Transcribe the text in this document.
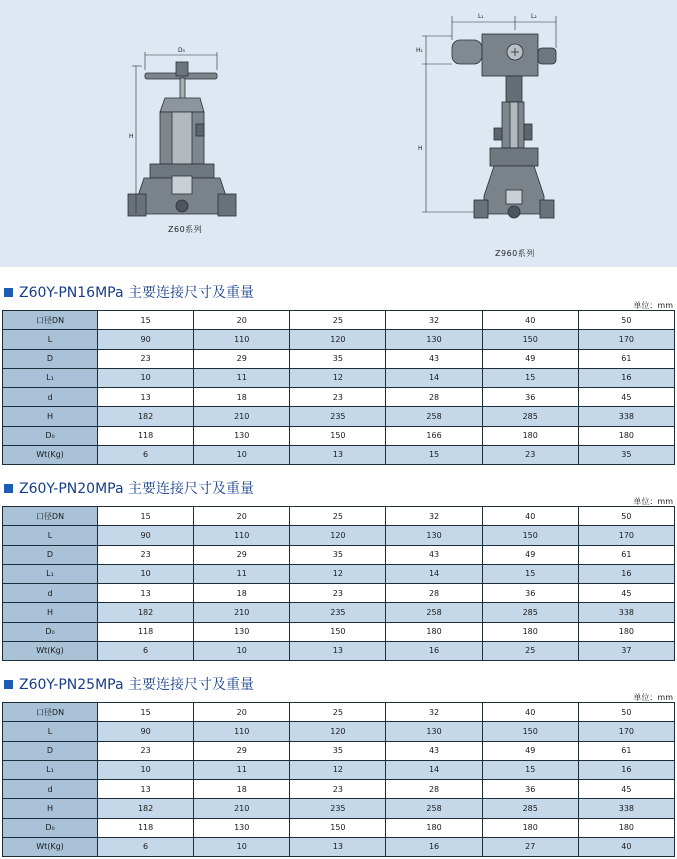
D₀
H
L₁	L₂
H₁
H
Z60系列
Z960系列
Z60Y-PN16MPa 主要连接尺寸及重量
单位：mm
口径DN	15	20	25	32	40	50
L	90	110	120	130	150	170
D	23	29	35	43	49	61
L₁	10	11	12	14	15	16
d	13	18	23	28	36	45
H	182	210	235	258	285	338
D₀	118	130	150	166	180	180
Wt(Kg)	6	10	13	15	23	35
Z60Y-PN20MPa 主要连接尺寸及重量
单位：mm
口径DN	15	20	25	32	40	50
L	90	110	120	130	150	170
D	23	29	35	43	49	61
L₁	10	11	12	14	15	16
d	13	18	23	28	36	45
H	182	210	235	258	285	338
D₀	118	130	150	180	180	180
Wt(Kg)	6	10	13	16	25	37
Z60Y-PN25MPa 主要连接尺寸及重量
单位：mm
口径DN	15	20	25	32	40	50
L	90	110	120	130	150	170
D	23	29	35	43	49	61
L₁	10	11	12	14	15	16
d	13	18	23	28	36	45
H	182	210	235	258	285	338
D₀	118	130	150	180	180	180
Wt(Kg)	6	10	13	16	27	40
